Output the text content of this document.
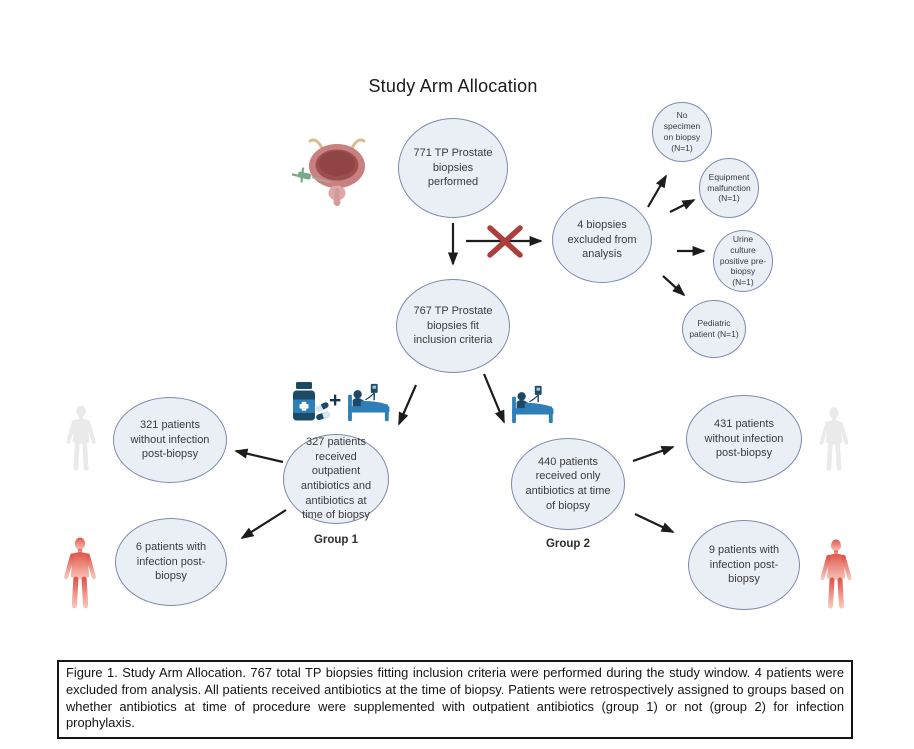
Study Arm Allocation
+
771 TP Prostate biopsies performed
4 biopsies excluded from analysis
No specimen on biopsy (N=1)
Equipment malfunction (N=1)
Urine culture positive pre-biopsy (N=1)
Pediatric patient (N=1)
767 TP Prostate biopsies fit inclusion criteria
327 patients received outpatient antibiotics and antibiotics at time of biopsy
440 patients received only antibiotics at time of biopsy
321 patients without infection post-biopsy
6 patients with infection post-biopsy
431 patients without infection post-biopsy
9 patients with infection post-biopsy
Group 1	Group 2
Figure 1. Study Arm Allocation. 767 total TP biopsies fitting inclusion criteria were performed during the study window. 4 patients were excluded from analysis. All patients received antibiotics at the time of biopsy. Patients were retrospectively assigned to groups based on whether antibiotics at time of procedure were supplemented with outpatient antibiotics (group 1) or not (group 2) for infection prophylaxis.
